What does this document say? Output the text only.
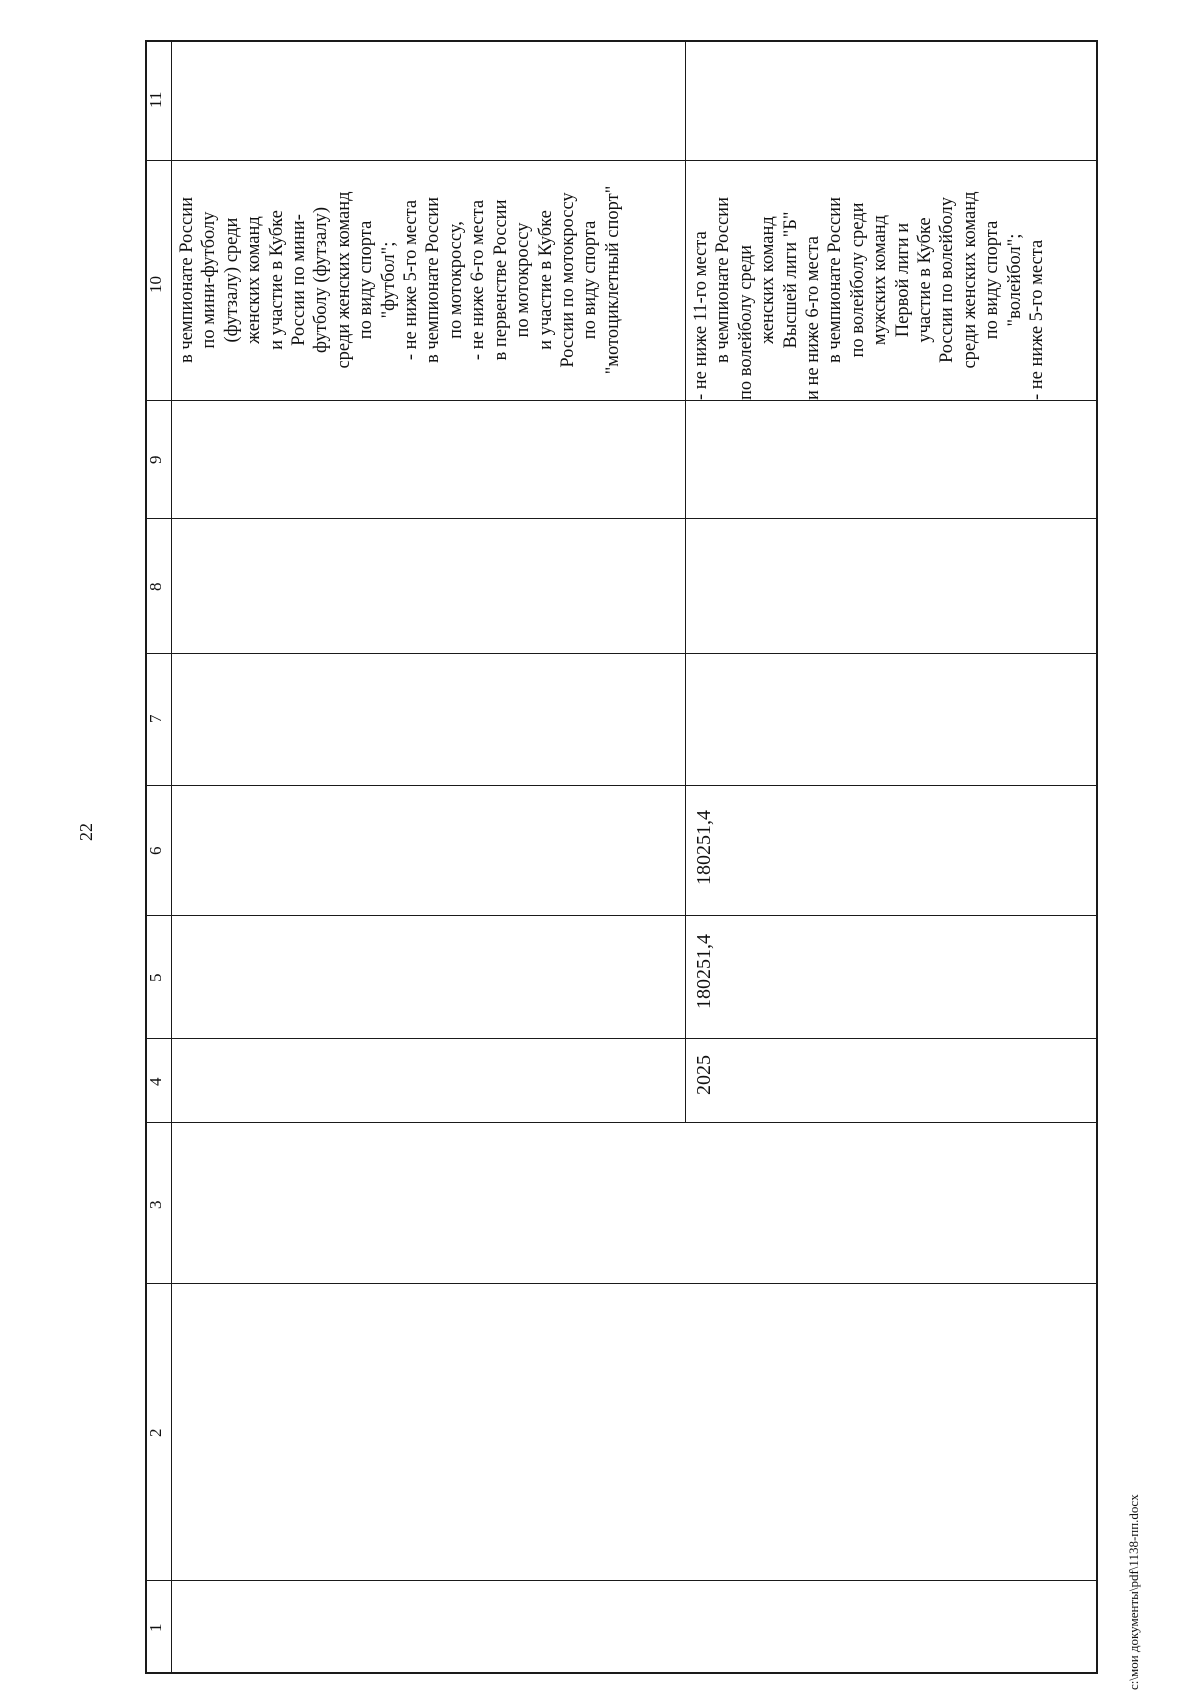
22
c:\мои документы\pdf\1138-пп.docx
11
10
9
8
7
6
5
4
3
2
1
в чемпионате России по мини-футболу (футзалу) среди женских команд и участие в Кубке России по мини- футболу (футзалу) среди женских команд по виду спорта "футбол"; - не ниже 5-го места в чемпионате России по мотокроссу, - не ниже 6-го места в первенстве России по мотокроссу и участие в Кубке России по мотокроссу по виду спорта "мотоциклетный спорт"
2025
180251,4
180251,4
- не ниже 11-го места в чемпионате России по волейболу среди женских команд Высшей лиги "Б" и не ниже 6-го места в чемпионате России по волейболу среди мужских команд Первой лиги и участие в Кубке России по волейболу среди женских команд по виду спорта "волейбол"; - не ниже 5-го места
